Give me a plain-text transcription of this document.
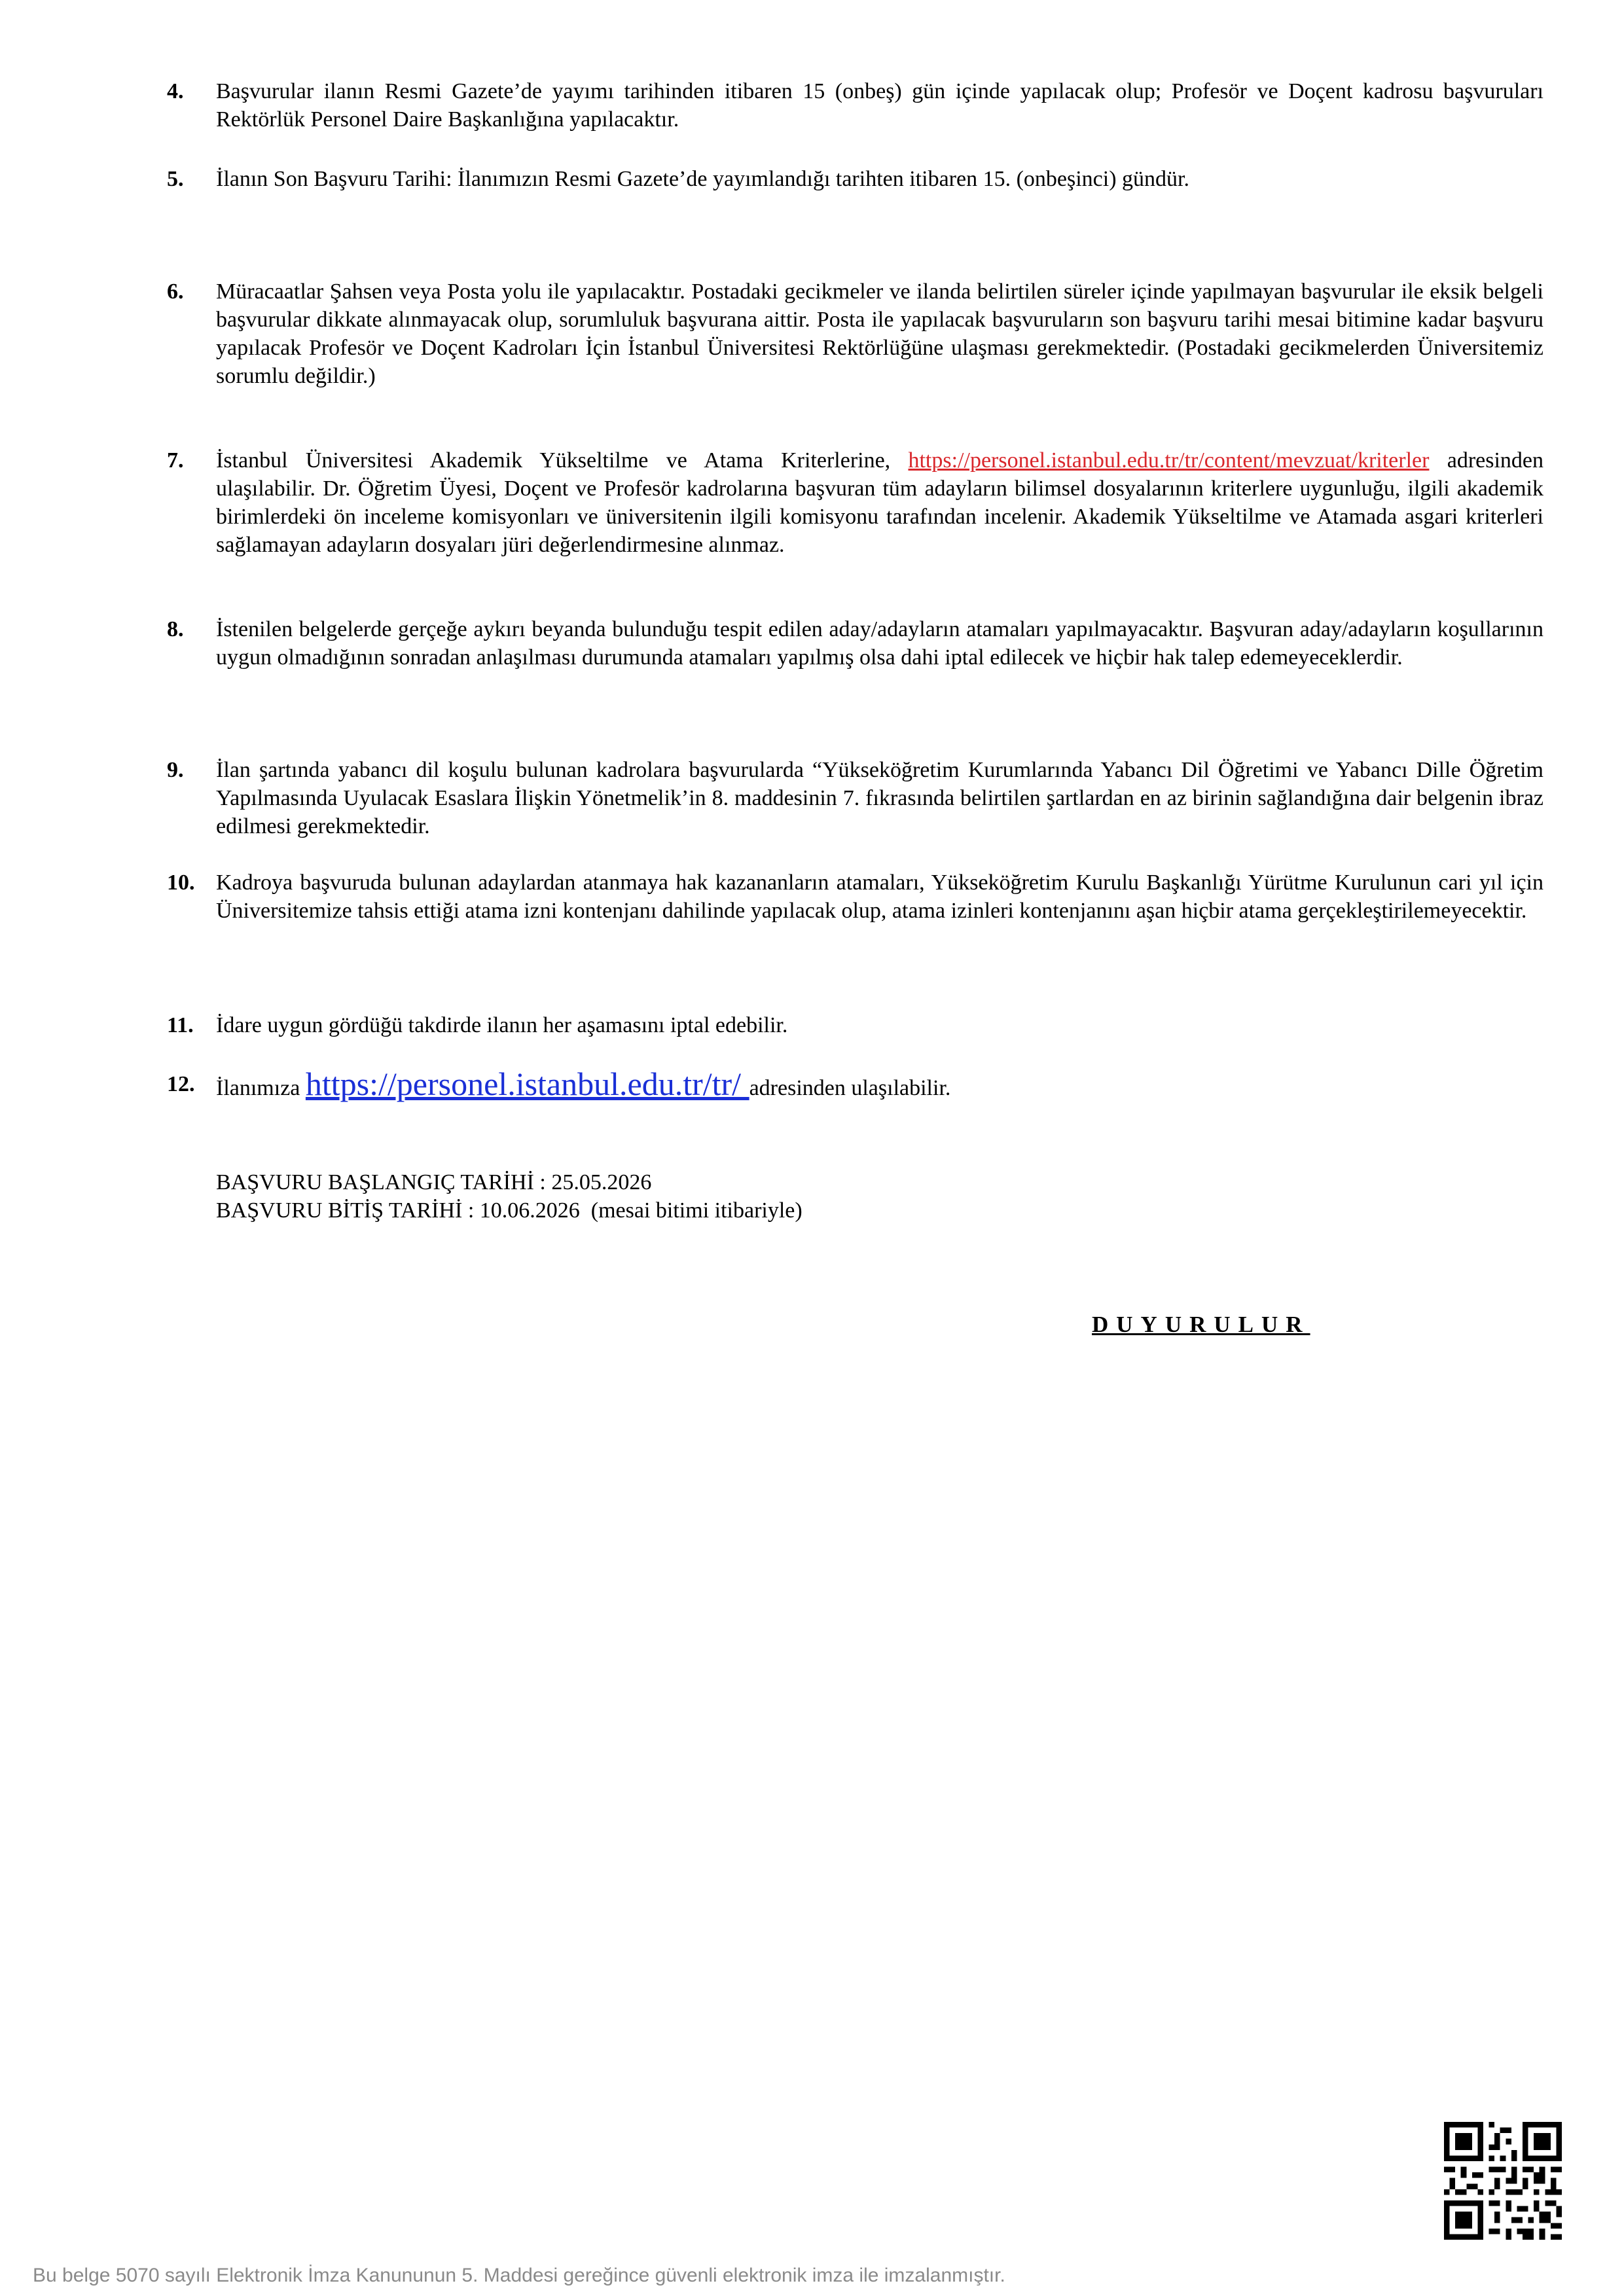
4. Başvurular ilanın Resmi Gazete’de yayımı tarihinden itibaren 15 (onbeş) gün içinde yapılacak olup; Profesör ve Doçent kadrosu başvuruları Rektörlük Personel Daire Başkanlığına yapılacaktır.
5. İlanın Son Başvuru Tarihi: İlanımızın Resmi Gazete’de yayımlandığı tarihten itibaren 15. (onbeşinci) gündür.
6. Müracaatlar Şahsen veya Posta yolu ile yapılacaktır. Postadaki gecikmeler ve ilanda belirtilen süreler içinde yapılmayan başvurular ile eksik belgeli başvurular dikkate alınmayacak olup, sorumluluk başvurana aittir. Posta ile yapılacak başvuruların son başvuru tarihi mesai bitimine kadar başvuru yapılacak Profesör ve Doçent Kadroları İçin İstanbul Üniversitesi Rektörlüğüne ulaşması gerekmektedir. (Postadaki gecikmelerden Üniversitemiz sorumlu değildir.)
7. İstanbul Üniversitesi Akademik Yükseltilme ve Atama Kriterlerine, https://personel.istanbul.edu.tr/tr/content/mevzuat/kriterler adresinden ulaşılabilir. Dr. Öğretim Üyesi, Doçent ve Profesör kadrolarına başvuran tüm adayların bilimsel dosyalarının kriterlere uygunluğu, ilgili akademik birimlerdeki ön inceleme komisyonları ve üniversitenin ilgili komisyonu tarafından incelenir. Akademik Yükseltilme ve Atamada asgari kriterleri sağlamayan adayların dosyaları jüri değerlendirmesine alınmaz.
8. İstenilen belgelerde gerçeğe aykırı beyanda bulunduğu tespit edilen aday/adayların atamaları yapılmayacaktır. Başvuran aday/adayların koşullarının uygun olmadığının sonradan anlaşılması durumunda atamaları yapılmış olsa dahi iptal edilecek ve hiçbir hak talep edemeyeceklerdir.
9. İlan şartında yabancı dil koşulu bulunan kadrolara başvurularda “Yükseköğretim Kurumlarında Yabancı Dil Öğretimi ve Yabancı Dille Öğretim Yapılmasında Uyulacak Esaslara İlişkin Yönetmelik’in 8. maddesinin 7. fıkrasında belirtilen şartlardan en az birinin sağlandığına dair belgenin ibraz edilmesi gerekmektedir.
10. Kadroya başvuruda bulunan adaylardan atanmaya hak kazananların atamaları, Yükseköğretim Kurulu Başkanlığı Yürütme Kurulunun cari yıl için Üniversitemize tahsis ettiği atama izni kontenjanı dahilinde yapılacak olup, atama izinleri kontenjanını aşan hiçbir atama gerçekleştirilemeyecektir.
11. İdare uygun gördüğü takdirde ilanın her aşamasını iptal edebilir.
12. İlanımıza https://personel.istanbul.edu.tr/tr/ adresinden ulaşılabilir.
BAŞVURU BAŞLANGIÇ TARİHİ : 25.05.2026
BAŞVURU BİTİŞ TARİHİ : 10.06.2026  (mesai bitimi itibariyle)
DUYURULUR
Bu belge 5070 sayılı Elektronik İmza Kanununun 5. Maddesi gereğince güvenli elektronik imza ile imzalanmıştır.
